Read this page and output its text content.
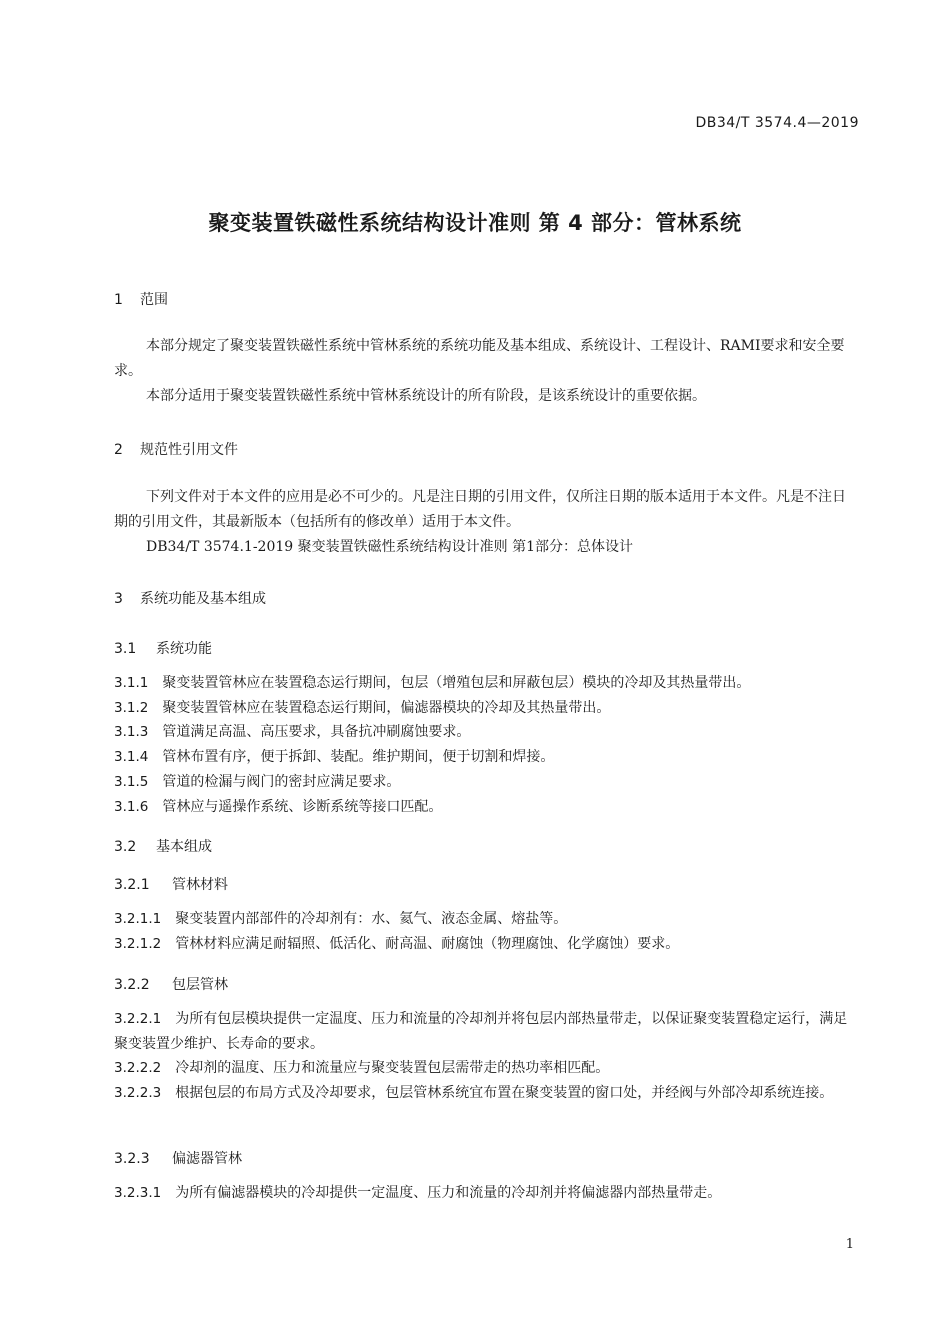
DB34/T 3574.4—2019
聚变装置铁磁性系统结构设计准则 第 4 部分：管林系统
1 范围
本部分规定了聚变装置铁磁性系统中管林系统的系统功能及基本组成、系统设计、工程设计、RAMI要求和安全要求。
本部分适用于聚变装置铁磁性系统中管林系统设计的所有阶段，是该系统设计的重要依据。
2 规范性引用文件
下列文件对于本文件的应用是必不可少的。凡是注日期的引用文件，仅所注日期的版本适用于本文件。凡是不注日期的引用文件，其最新版本（包括所有的修改单）适用于本文件。
DB34/T 3574.1-2019 聚变装置铁磁性系统结构设计准则 第1部分：总体设计
3 系统功能及基本组成
3.1 系统功能
3.1.1 聚变装置管林应在装置稳态运行期间，包层（增殖包层和屏蔽包层）模块的冷却及其热量带出。
3.1.2 聚变装置管林应在装置稳态运行期间，偏滤器模块的冷却及其热量带出。
3.1.3 管道满足高温、高压要求，具备抗冲刷腐蚀要求。
3.1.4 管林布置有序，便于拆卸、装配。维护期间，便于切割和焊接。
3.1.5 管道的检漏与阀门的密封应满足要求。
3.1.6 管林应与遥操作系统、诊断系统等接口匹配。
3.2 基本组成
3.2.1 管林材料
3.2.1.1 聚变装置内部部件的冷却剂有：水、氦气、液态金属、熔盐等。
3.2.1.2 管林材料应满足耐辐照、低活化、耐高温、耐腐蚀（物理腐蚀、化学腐蚀）要求。
3.2.2 包层管林
3.2.2.1 为所有包层模块提供一定温度、压力和流量的冷却剂并将包层内部热量带走，以保证聚变装置稳定运行，满足聚变装置少维护、长寿命的要求。
3.2.2.2 冷却剂的温度、压力和流量应与聚变装置包层需带走的热功率相匹配。
3.2.2.3 根据包层的布局方式及冷却要求，包层管林系统宜布置在聚变装置的窗口处，并经阀与外部冷却系统连接。
3.2.3 偏滤器管林
3.2.3.1 为所有偏滤器模块的冷却提供一定温度、压力和流量的冷却剂并将偏滤器内部热量带走。
1
